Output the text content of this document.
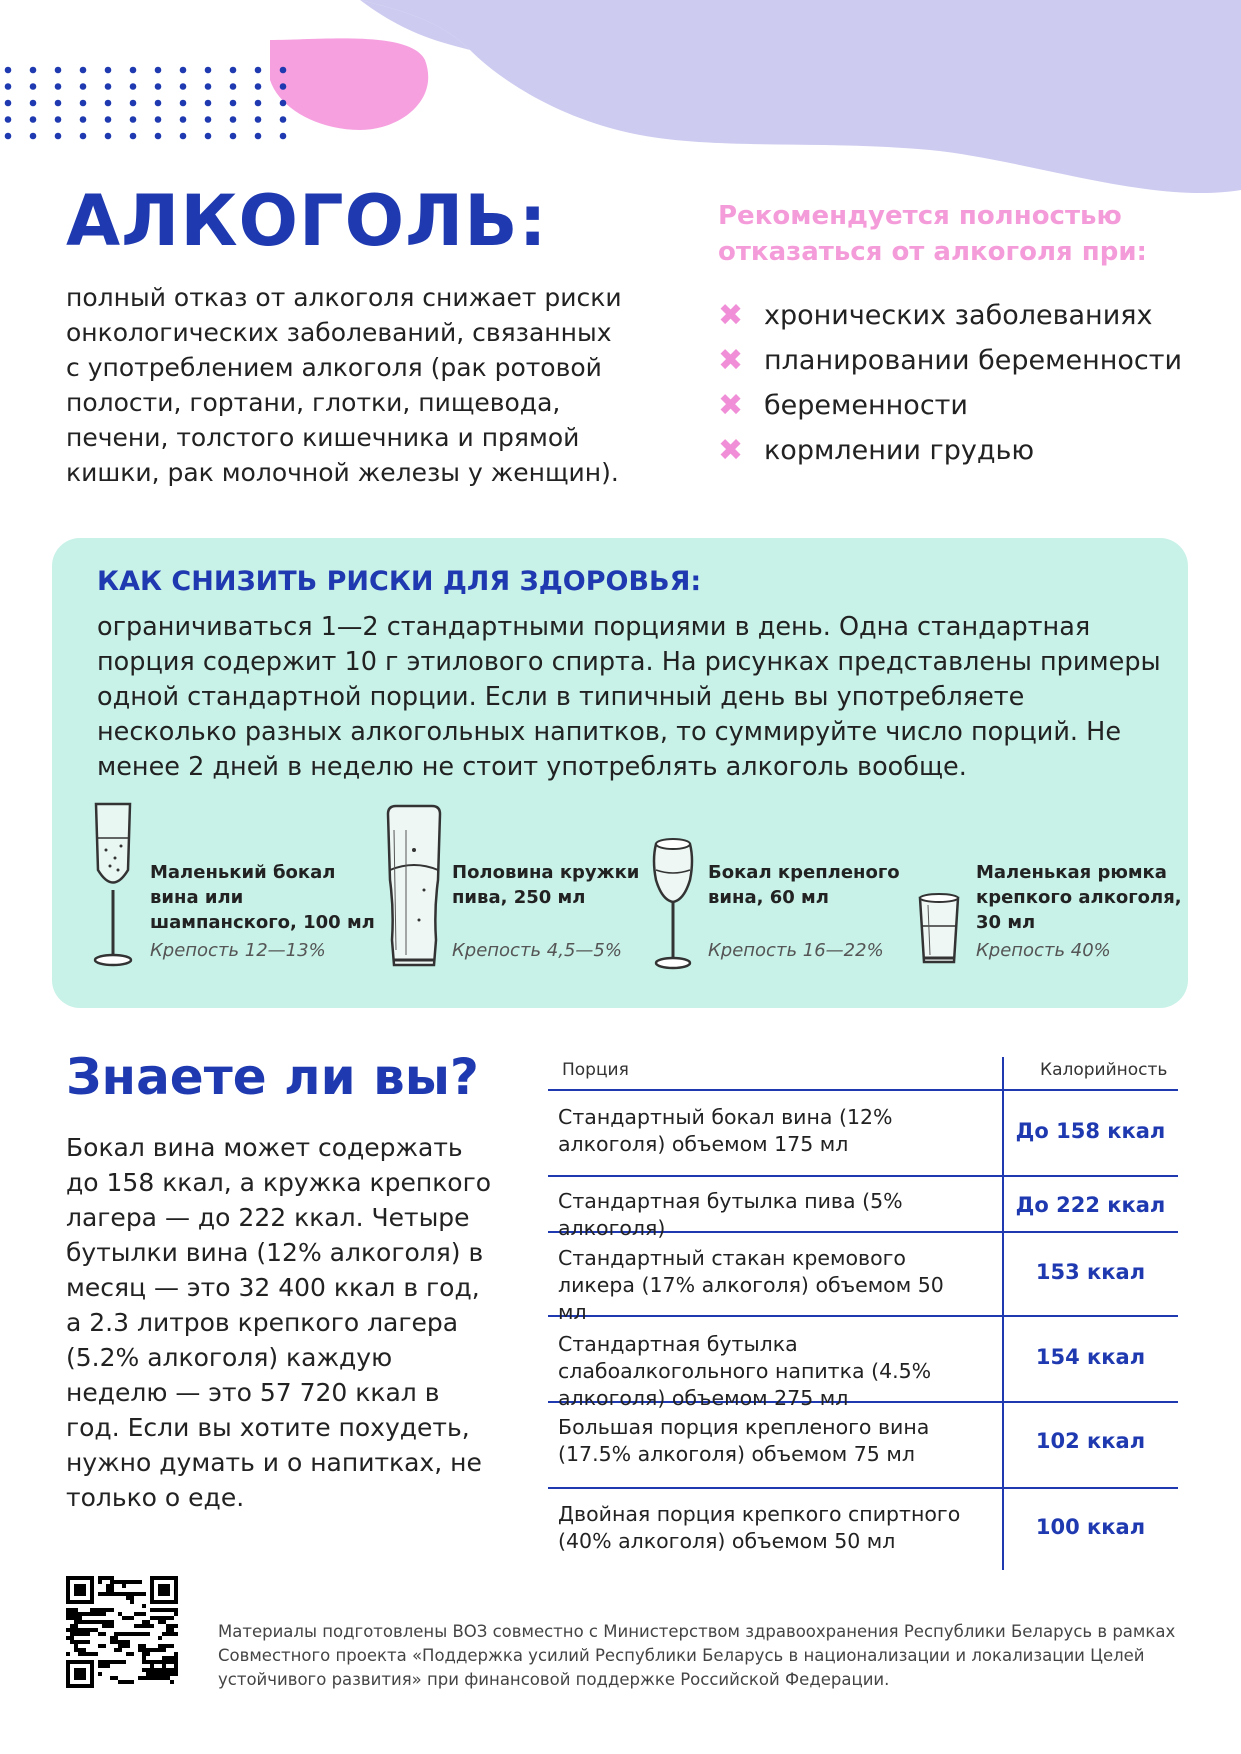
АЛКОГОЛЬ:

полный отказ от алкоголя снижает риски онкологических заболеваний, связанных с употреблением алкоголя (рак ротовой полости, гортани, глотки, пищевода, печени, толстого кишечника и прямой кишки, рак молочной железы у женщин).

Рекомендуется полностью отказаться от алкоголя при:

✖ хронических заболеваниях
✖ планировании беременности
✖ беременности
✖ кормлении грудью

КАК СНИЗИТЬ РИСКИ ДЛЯ ЗДОРОВЬЯ:

ограничиваться 1—2 стандартными порциями в день. Одна стандартная порция содержит 10 г этилового спирта. На рисунках представлены примеры одной стандартной порции. Если в типичный день вы употребляете несколько разных алкогольных напитков, то суммируйте число порций. Не менее 2 дней в неделю не стоит употреблять алкоголь вообще.

Маленький бокал вина или шампанского, 100 мл

Крепость 12—13%

Половина кружки пива, 250 мл

Крепость 4,5—5%

Бокал крепленого вина, 60 мл

Крепость 16—22%

Маленькая рюмка крепкого алкоголя, 30 мл

Крепость 40%

Знаете ли вы?

Бокал вина может содержать до 158 ккал, а кружка крепкого лагера — до 222 ккал. Четыре бутылки вина (12% алкоголя) в месяц — это 32 400 ккал в год, а 2.3 литров крепкого лагера (5.2% алкоголя) каждую неделю — это 57 720 ккал в год. Если вы хотите похудеть, нужно думать и о напитках, не только о еде.

Порция	Калорийность

Стандартный бокал вина (12% алкоголя) объемом 175 мл

До 158 ккал

Стандартная бутылка пива (5% алкоголя)

До 222 ккал

Стандартный стакан кремового ликера (17% алкоголя) объемом 50 мл

153 ккал

Стандартная бутылка слабоалкогольного напитка (4.5% алкоголя) объемом 275 мл

154 ккал

Большая порция крепленого вина (17.5% алкоголя) объемом 75 мл

102 ккал

Двойная порция крепкого спиртного (40% алкоголя) объемом 50 мл

100 ккал

Материалы подготовлены ВОЗ совместно с Министерством здравоохранения Республики Беларусь в рамках Совместного проекта «Поддержка усилий Республики Беларусь в национализации и локализации Целей устойчивого развития» при финансовой поддержке Российской Федерации.
